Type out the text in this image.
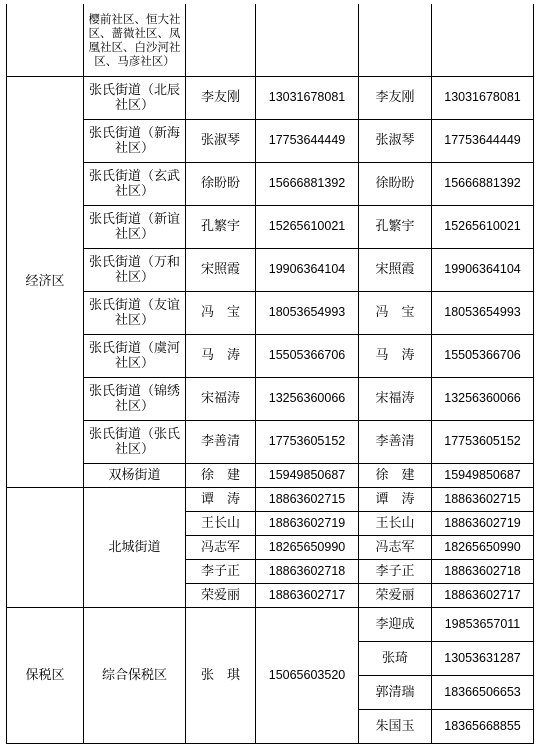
	樱前社区、恒大社区、蔷微社区、凤凰社区、白沙河社区、马彦社区）				
经济区	张氏街道（北辰社区）	李友刚	13031678081	李友刚	13031678081
	张氏街道（新海社区）	张淑琴	17753644449	张淑琴	17753644449
	张氏街道（玄武社区）	徐盼盼	15666881392	徐盼盼	15666881392
	张氏街道（新谊社区）	孔繁宇	15265610021	孔繁宇	15265610021
	张氏街道（万和社区）	宋照霞	19906364104	宋照霞	19906364104
	张氏街道（友谊社区）	冯　宝	18053654993	冯　宝	18053654993
	张氏街道（虞河社区）	马　涛	15505366706	马　涛	15505366706
	张氏街道（锦绣社区）	宋福涛	13256360066	宋福涛	13256360066
	张氏街道（张氏社区）	李善清	17753605152	李善清	17753605152
	双杨街道	徐　建	15949850687	徐　建	15949850687
	北城街道	谭　涛	18863602715	谭　涛	18863602715
		王长山	18863602719	王长山	18863602719
		冯志军	18265650990	冯志军	18265650990
		李子正	18863602718	李子正	18863602718
		荣爱丽	18863602717	荣爱丽	18863602717
保税区	综合保税区	张　琪	15065603520	李迎成	19853657011
				张琦	13053631287
				郭清瑞	18366506653
				朱国玉	18365668855
